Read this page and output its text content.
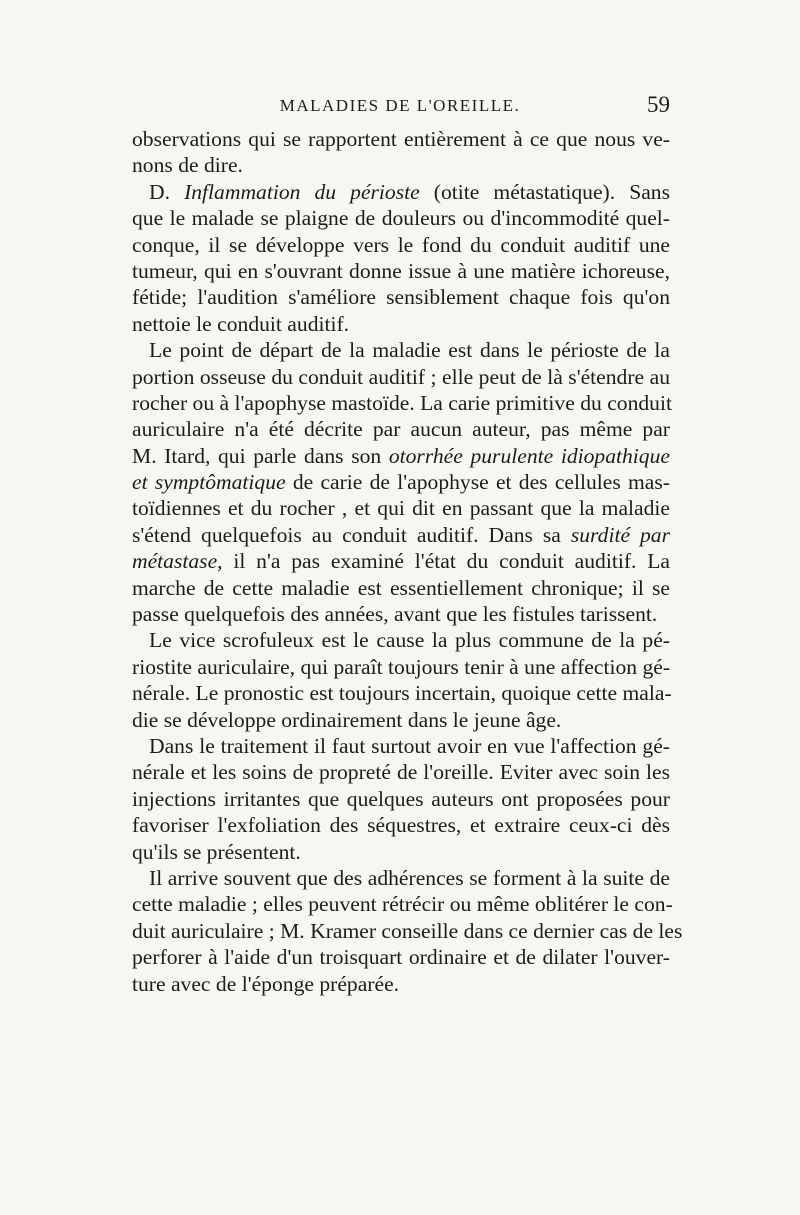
MALADIES DE L'OREILLE.	59
observations qui se rapportent entièrement à ce que nous ve-
nons de dire.
D. Inflammation du périoste (otite métastatique). Sans
que le malade se plaigne de douleurs ou d'incommodité quel-
conque, il se développe vers le fond du conduit auditif une
tumeur, qui en s'ouvrant donne issue à une matière ichoreuse,
fétide; l'audition s'améliore sensiblement chaque fois qu'on
nettoie le conduit auditif.
Le point de départ de la maladie est dans le périoste de la
portion osseuse du conduit auditif ; elle peut de là s'étendre au
rocher ou à l'apophyse mastoïde. La carie primitive du conduit
auriculaire n'a été décrite par aucun auteur, pas même par
M. Itard, qui parle dans son otorrhée purulente idiopathique
et symptômatique de carie de l'apophyse et des cellules mas-
toïdiennes et du rocher , et qui dit en passant que la maladie
s'étend quelquefois au conduit auditif. Dans sa surdité par
métastase, il n'a pas examiné l'état du conduit auditif. La
marche de cette maladie est essentiellement chronique; il se
passe quelquefois des années, avant que les fistules tarissent.
Le vice scrofuleux est le cause la plus commune de la pé-
riostite auriculaire, qui paraît toujours tenir à une affection gé-
nérale. Le pronostic est toujours incertain, quoique cette mala-
die se développe ordinairement dans le jeune âge.
Dans le traitement il faut surtout avoir en vue l'affection gé-
nérale et les soins de propreté de l'oreille. Eviter avec soin les
injections irritantes que quelques auteurs ont proposées pour
favoriser l'exfoliation des séquestres, et extraire ceux-ci dès
qu'ils se présentent.
Il arrive souvent que des adhérences se forment à la suite de
cette maladie ; elles peuvent rétrécir ou même oblitérer le con-
duit auriculaire ; M. Kramer conseille dans ce dernier cas de les
perforer à l'aide d'un troisquart ordinaire et de dilater l'ouver-
ture avec de l'éponge préparée.
